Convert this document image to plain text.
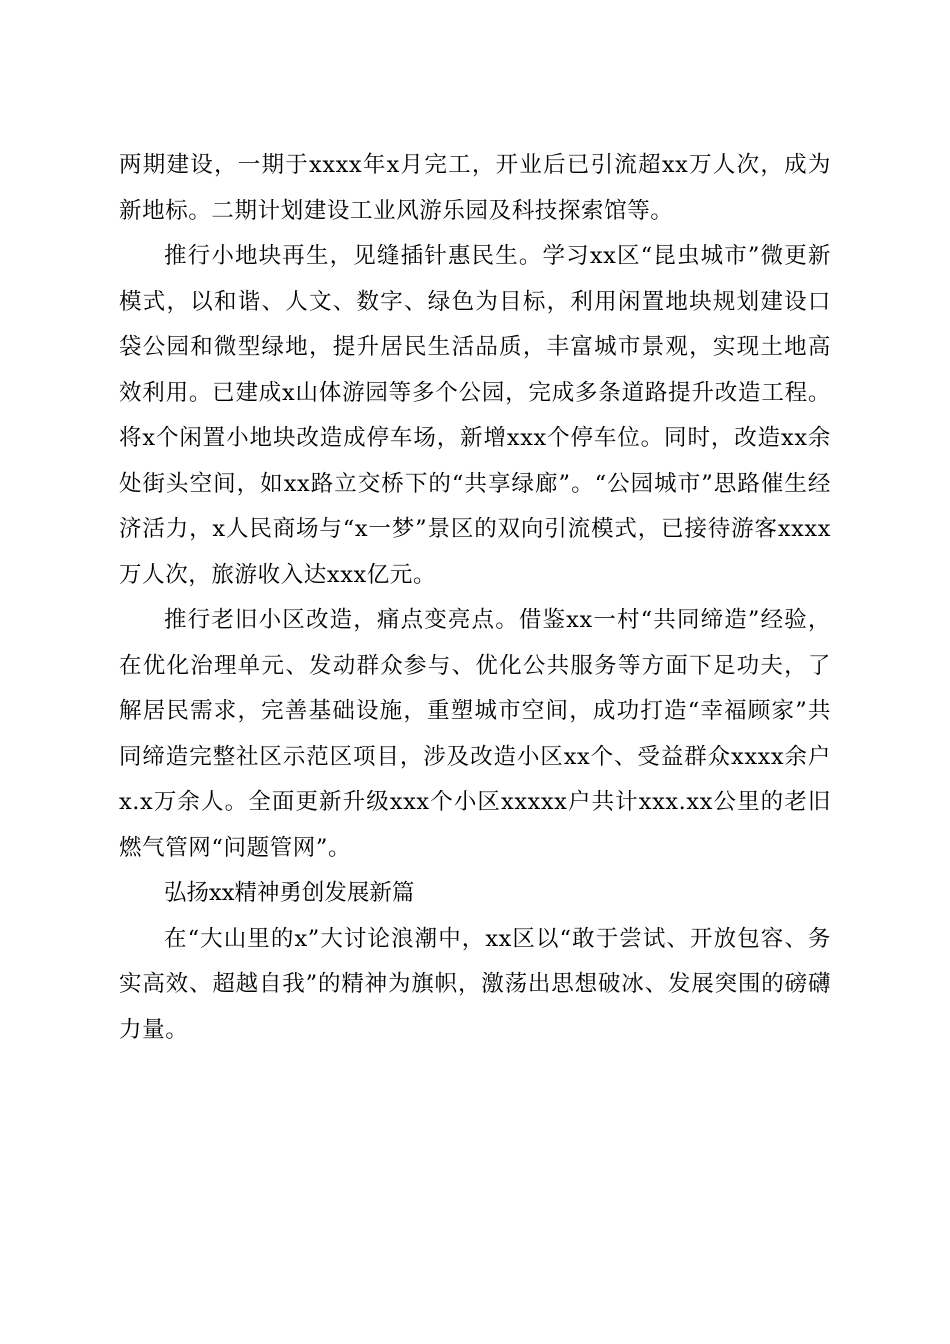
两期建设，一期于xxxx年x月完工，开业后已引流超xx万人次，成为新地标。二期计划建设工业风游乐园及科技探索馆等。

推行小地块再生，见缝插针惠民生。学习xx区“昆虫城市”微更新模式，以和谐、人文、数字、绿色为目标，利用闲置地块规划建设口袋公园和微型绿地，提升居民生活品质，丰富城市景观，实现土地高效利用。已建成x山体游园等多个公园，完成多条道路提升改造工程。将x个闲置小地块改造成停车场，新增xxx个停车位。同时，改造xx余处街头空间，如xx路立交桥下的“共享绿廊”。“公园城市”思路催生经济活力，x人民商场与“x一梦”景区的双向引流模式，已接待游客xxxx万人次，旅游收入达xxx亿元。

推行老旧小区改造，痛点变亮点。借鉴xx一村“共同缔造”经验，在优化治理单元、发动群众参与、优化公共服务等方面下足功夫，了解居民需求，完善基础设施，重塑城市空间，成功打造“幸福顾家”共同缔造完整社区示范区项目，涉及改造小区xx个、受益群众xxxx余户x.x万余人。全面更新升级xxx个小区xxxxx户共计xxx.xx公里的老旧燃气管网“问题管网”。

弘扬xx精神勇创发展新篇

在“大山里的x”大讨论浪潮中，xx区以“敢于尝试、开放包容、务实高效、超越自我”的精神为旗帜，激荡出思想破冰、发展突围的磅礴力量。
